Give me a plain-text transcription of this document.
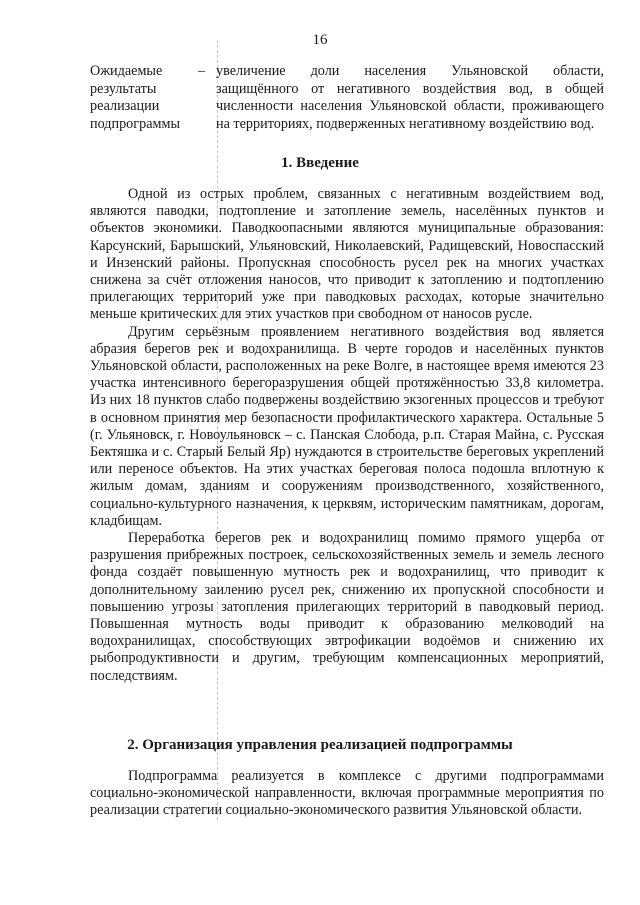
16
Ожидаемые результаты реализации подпрограммы
– увеличение доли населения Ульяновской области, защищённого от негативного воздействия вод, в общей численности населения Ульяновской области, проживающего на территориях, подверженных негативному воздействию вод.
1. Введение

Одной из острых проблем, связанных с негативным воздействием вод, являются паводки, подтопление и затопление земель, населённых пунктов и объектов экономики. Паводкоопасными являются муниципальные образования: Карсунский, Барышский, Ульяновский, Николаевский, Радищевский, Новоспасский и Инзенский районы. Пропускная способность русел рек на многих участках снижена за счёт отложения наносов, что приводит к затоплению и подтоплению прилегающих территорий уже при паводковых расходах, которые значительно меньше критических для этих участков при свободном от наносов русле.

Другим серьёзным проявлением негативного воздействия вод является абразия берегов рек и водохранилища. В черте городов и населённых пунктов Ульяновской области, расположенных на реке Волге, в настоящее время имеются 23 участка интенсивного берегоразрушения общей протяжённостью 33,8 километра. Из них 18 пунктов слабо подвержены воздействию экзогенных процессов и требуют в основном принятия мер безопасности профилактического характера. Остальные 5 (г. Ульяновск, г. Новоульяновск – с. Панская Слобода, р.п. Старая Майна, с. Русская Бектяшка и с. Старый Белый Яр) нуждаются в строительстве береговых укреплений или переносе объектов. На этих участках береговая полоса подошла вплотную к жилым домам, зданиям и сооружениям производственного, хозяйственного, социально-культурного назначения, к церквям, историческим памятникам, дорогам, кладбищам.

Переработка берегов рек и водохранилищ помимо прямого ущерба от разрушения прибрежных построек, сельскохозяйственных земель и земель лесного фонда создаёт повышенную мутность рек и водохранилищ, что приводит к дополнительному заилению русел рек, снижению их пропускной способности и повышению угрозы затопления прилегающих территорий в паводковый период. Повышенная мутность воды приводит к образованию мелководий на водохранилищах, способствующих эвтрофикации водоёмов и снижению их рыбопродуктивности и другим, требующим компенсационных мероприятий, последствиям.

2. Организация управления реализацией подпрограммы

Подпрограмма реализуется в комплексе с другими подпрограммами социально-экономической направленности, включая программные мероприятия по реализации стратегии социально-экономического развития Ульяновской области.
